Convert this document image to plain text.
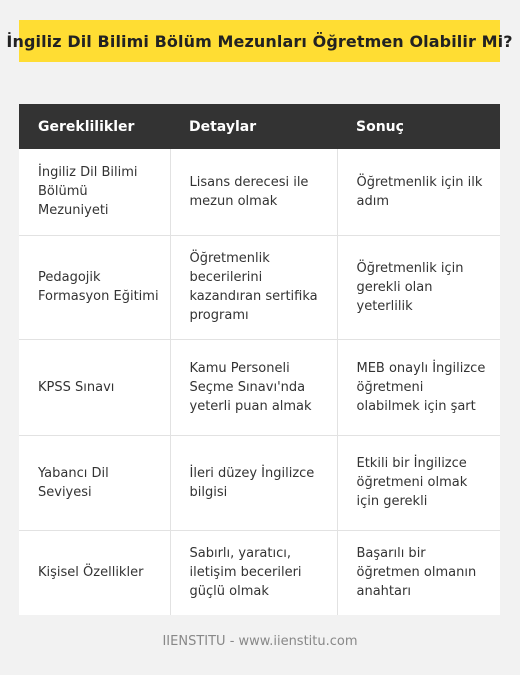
İngiliz Dil Bilimi Bölüm Mezunları Öğretmen Olabilir Mi?
Gereklilikler	Detaylar	Sonuç
İngiliz Dil Bilimi Bölümü Mezuniyeti	Lisans derecesi ile mezun olmak	Öğretmenlik için ilk adım
Pedagojik Formasyon Eğitimi	Öğretmenlik becerilerini kazandıran sertifika programı	Öğretmenlik için gerekli olan yeterlilik
KPSS Sınavı	Kamu Personeli Seçme Sınavı'nda yeterli puan almak	MEB onaylı İngilizce öğretmeni olabilmek için şart
Yabancı Dil Seviyesi	İleri düzey İngilizce bilgisi	Etkili bir İngilizce öğretmeni olmak için gerekli
Kişisel Özellikler	Sabırlı, yaratıcı, iletişim becerileri güçlü olmak	Başarılı bir öğretmen olmanın anahtarı
IIENSTITU - www.iienstitu.com
